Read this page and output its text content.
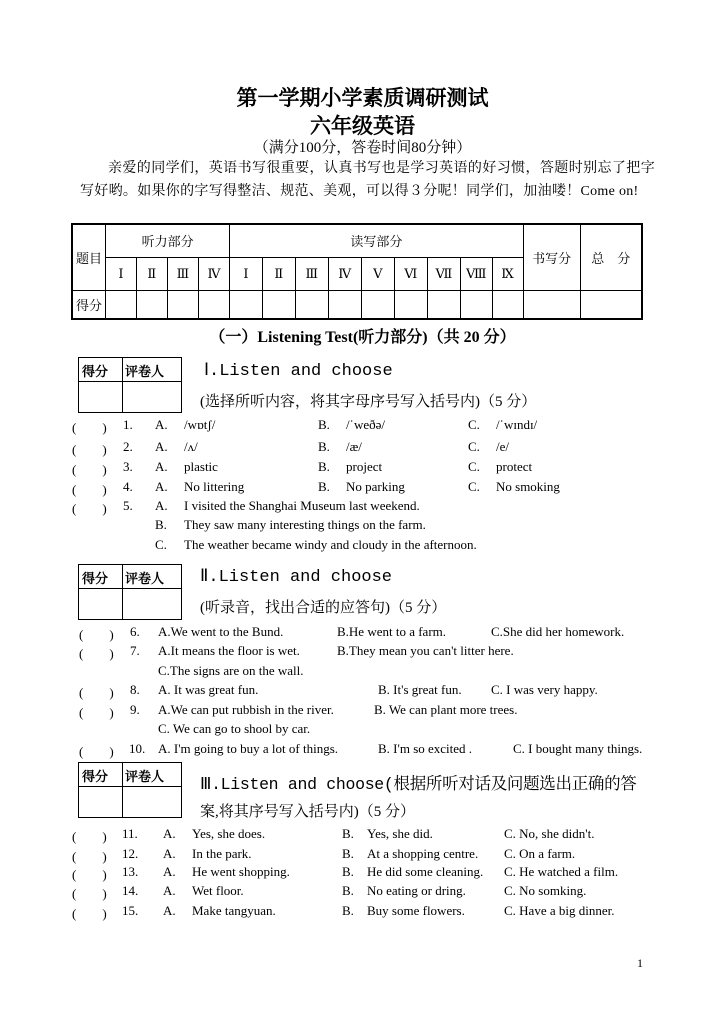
第一学期小学素质调研测试
六年级英语
（满分100分，答卷时间80分钟）
亲爱的同学们，英语书写很重要，认真书写也是学习英语的好习惯，答题时别忘了把字写好哟。如果你的字写得整洁、规范、美观，可以得３分呢！同学们，加油喽！Come on!
题目	听力部分				读写部分									书写分	总　分
	Ⅰ	Ⅱ	Ⅲ	Ⅳ	Ⅰ	Ⅱ	Ⅲ	Ⅳ	Ⅴ	Ⅵ	Ⅶ	Ⅷ	Ⅸ		
得分															
（一）Listening Test(听力部分)（共 20 分）
得分 评卷人 Ⅰ.Listen and choose
(选择所听内容，将其字母序号写入括号内)（5 分）
(　　) 1. A. /wɒtʃ/	B. /ˈweðə/	C. /ˈwɪndɪ/
(　　) 2. A. /ʌ/	B. /æ/	C. /e/
(　　) 3. A. plastic	B. project	C. protect
(　　) 4. A. No littering	B. No parking	C. No smoking
(　　) 5. A. I visited the Shanghai Museum last weekend.
B. They saw many interesting things on the farm.
C. The weather became windy and cloudy in the afternoon.
得分 评卷人 Ⅱ.Listen and choose
(听录音，找出合适的应答句)（5 分）
(　　) 6. A.We went to the Bund.	B.He went to a farm.	C.She did her homework.
(　　) 7. A.It means the floor is wet.	B.They mean you can't litter here.
C.The signs are on the wall.
(　　) 8. A. It was great fun.	B. It's great fun. C. I was very happy.
(　　) 9. A.We can put rubbish in the river.	B. We can plant more trees.
C. We can go to shool by car.
(　　) 10. A. I'm going to buy a lot of things.	B. I'm so excited .	C. I bought many things.
得分 评卷人 Ⅲ.Listen and choose(根据所听对话及问题选出正确的答
案,将其序号写入括号内)（5 分）
(　　) 11. A. Yes, she does.	B. Yes, she did.	C. No, she didn't.
(　　) 12. A. In the park.	B. At a shopping centre. C. On a farm.
(　　) 13. A. He went shopping.	B. He did some cleaning. C. He watched a film.
(　　) 14. A. Wet floor.	B. No eating or dring.	C. No somking.
(　　) 15. A. Make tangyuan.	B. Buy some flowers.	C. Have a big dinner.
1
